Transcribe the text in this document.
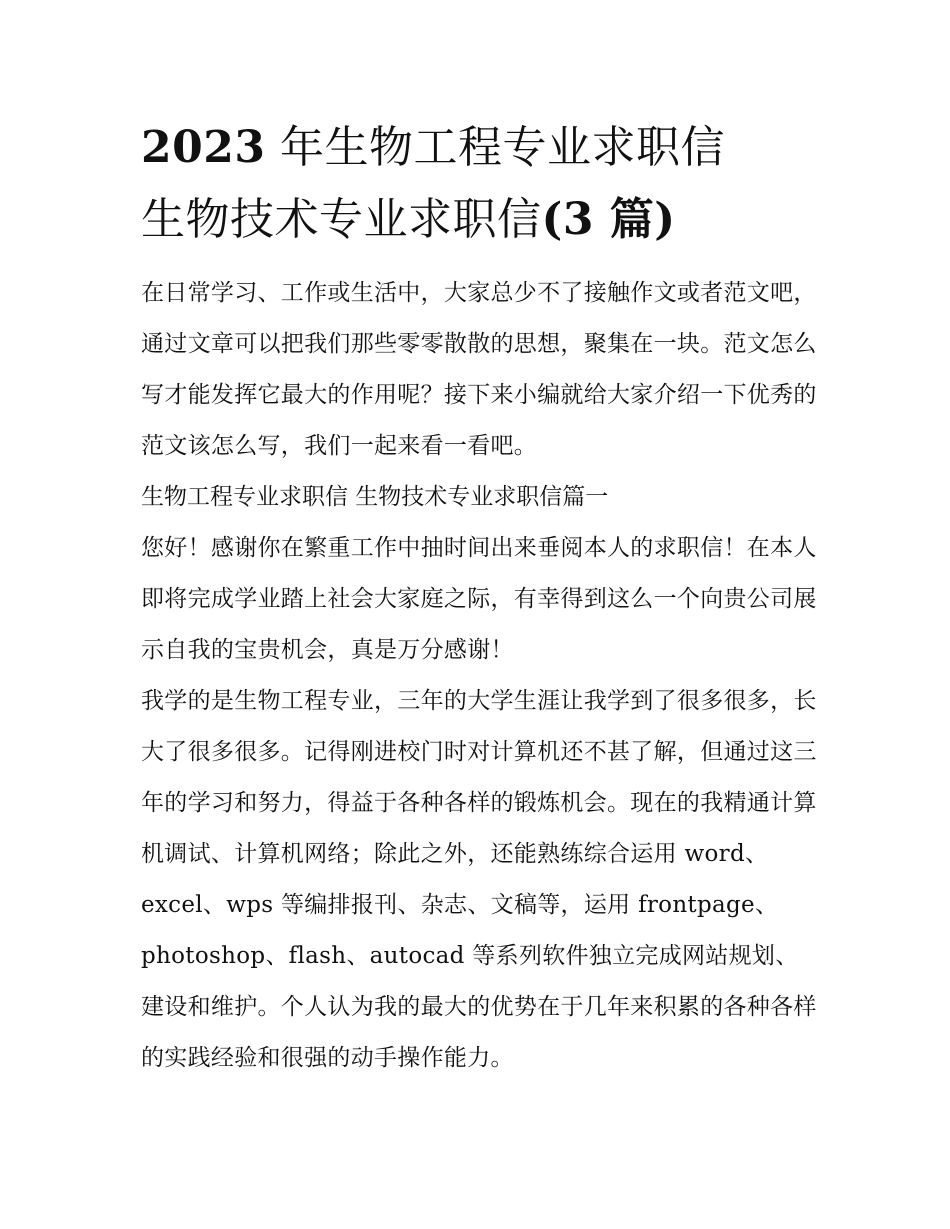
2023 年生物工程专业求职信
生物技术专业求职信(3 篇)

在日常学习、工作或生活中，大家总少不了接触作文或者范文吧，通过文章可以把我们那些零零散散的思想，聚集在一块。范文怎么写才能发挥它最大的作用呢？接下来小编就给大家介绍一下优秀的范文该怎么写，我们一起来看一看吧。

生物工程专业求职信 生物技术专业求职信篇一

您好！感谢你在繁重工作中抽时间出来垂阅本人的求职信！在本人即将完成学业踏上社会大家庭之际，有幸得到这么一个向贵公司展示自我的宝贵机会，真是万分感谢！

我学的是生物工程专业，三年的大学生涯让我学到了很多很多，长大了很多很多。记得刚进校门时对计算机还不甚了解，但通过这三年的学习和努力，得益于各种各样的锻炼机会。现在的我精通计算机调试、计算机网络；除此之外，还能熟练综合运用 word、excel、wps 等编排报刊、杂志、文稿等，运用 frontpage、photoshop、flash、autocad 等系列软件独立完成网站规划、建设和维护。个人认为我的最大的优势在于几年来积累的各种各样的实践经验和很强的动手操作能力。
